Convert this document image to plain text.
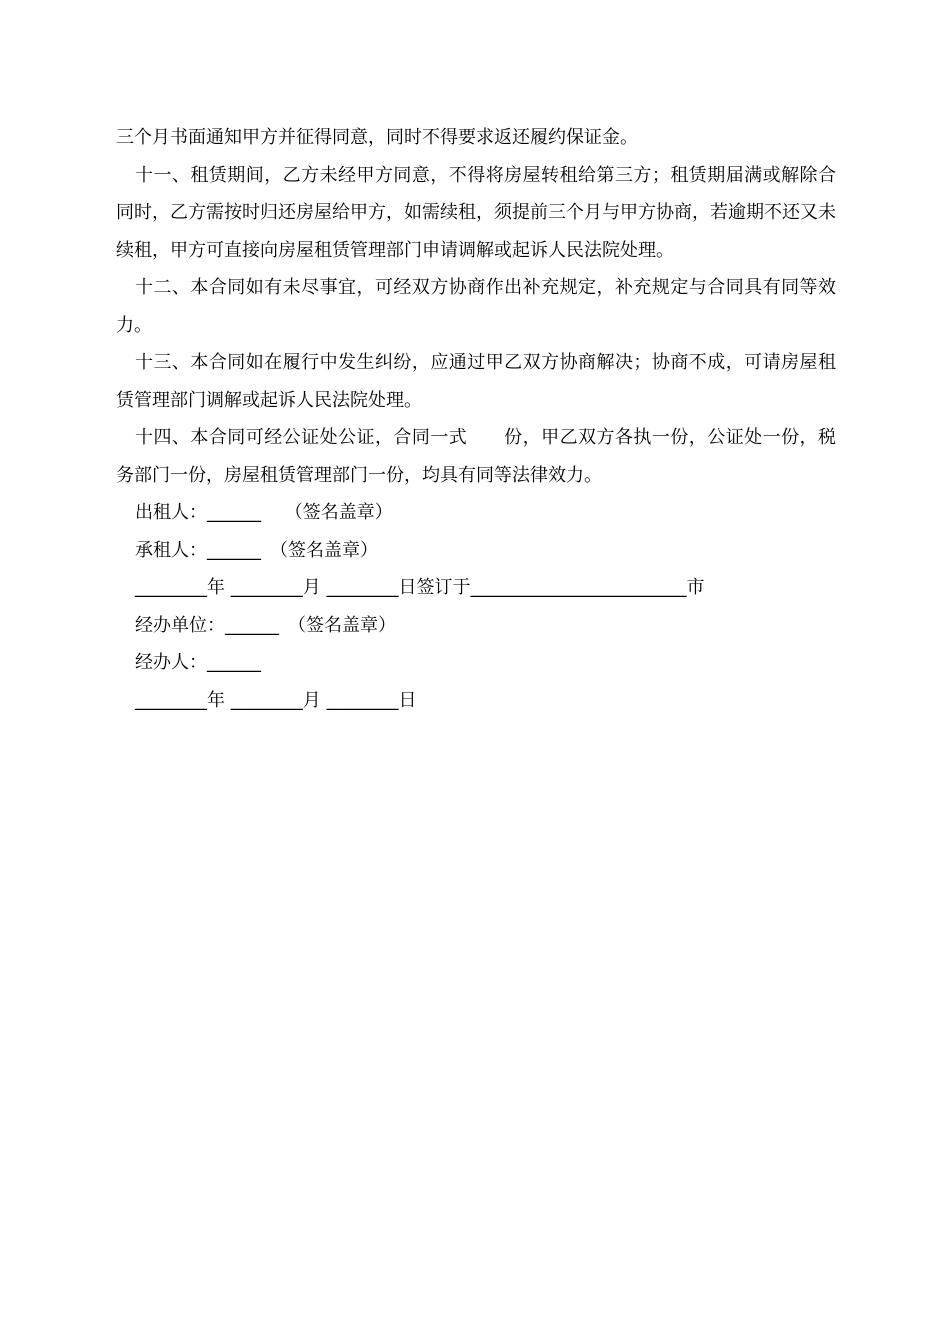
三个月书面通知甲方并征得同意，同时不得要求返还履约保证金。

十一、租赁期间，乙方未经甲方同意，不得将房屋转租给第三方；租赁期届满或解除合同时，乙方需按时归还房屋给甲方，如需续租，须提前三个月与甲方协商，若逾期不还又未续租，甲方可直接向房屋租赁管理部门申请调解或起诉人民法院处理。

十二、本合同如有未尽事宜，可经双方协商作出补充规定，补充规定与合同具有同等效力。

十三、本合同如在履行中发生纠纷，应通过甲乙双方协商解决；协商不成，可请房屋租赁管理部门调解或起诉人民法院处理。

十四、本合同可经公证处公证，合同一式　　份，甲乙双方各执一份，公证处一份，税务部门一份，房屋租赁管理部门一份，均具有同等法律效力。

出租人：______　 （签名盖章）

承租人：______　（签名盖章）

________年 ________月 ________日签订于________________________市

经办单位：______　（签名盖章）

经办人：______

________年 ________月 ________日
